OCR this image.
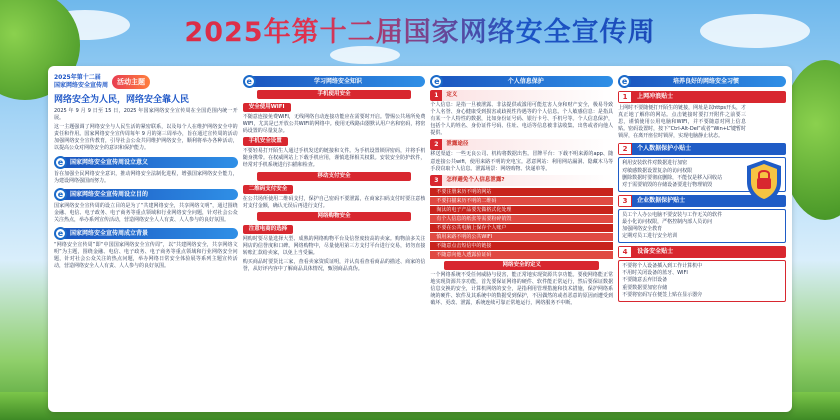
2025年第十二届国家网络安全宣传周
2025年第十二届
国家网络安全宣传周	活动主题
网络安全为人民，网络安全靠人民

2025 年 9 月 9 日至 15 日，2025 年国家网络安全宣传周在全国范围内统一开展。

这一主题强调了网络安全与人民生活的紧密联系，以及每个人在维护网络安全中的责任和作用。国家网络安全宣传周每年 9 月的第三周举办，旨在通过宣传周的活动加强网络安全宣传教育，引导社会公众共同维护网络安全，顺利将举办各种活动，以提高公众对网络安全的意识和保护能力。

e	国家网络安全宣传周设立意义

旨在加强全民网络安全意识，推动网络安全法制化进程，增强国家网络安全能力，为建设网络强国而努力。

e	国家网络安全宣传周设立目的

国家网络安全宣传周的设立目的是为了“共建网络安全，共享网络文明”，通过围绕金融、电信、电子政务、电子商务等重点领域和行业网络安全问题，针对社会公众关注热点，举办系列宣传活动，营造网络安全人人有责、人人参与的良好氛围。

e	国家网络安全宣传周成立背景

“网络安全宣传周”即“中国国家网络安全宣传周”，以“共建网络安全，共享网络文明”为主题，围绕金融、电信、电子政务、电子商务等重点领域和行业网络安全问题，针对社会公众关注的热点问题，举办网络日常安全体验展等系列主题宣传活动，营造网络安全人人有责、人人参与的良好氛围。

e	学习网络安全知识
手机使用安全
安全使用WIFI

不随意连接免费WIFI，无线网络自动连接功能应在需要时开启。警惕公共场所免费WIFI，尤其是已开放公共WIFI的网络中。使用无线路由器默认用户名和密码，将密码设置的尽量复杂。

手机安全设置

不要轻易打开陌生人通过手机发送的链接和文件。为手机设置锁屏密码，并将手机随身携带。在权威网站上下载手机应用，谨慎选择相关权限。安装安全防护软件，经常对手机系统进行扫描和检查。

移动支付安全
二维码支付安全

在公共场所使用二维码支付，保护自己密码不要泄露，在商家扫码支付时要注意核对支付金额，确认无误后再进行支付。

网络购物安全
注意电商的选择

网购时要尽量选择大型、成熟的网络购物平台及信誉度较高的卖家。购物前多关注网店的信誉度和口碑。网络购物中，尽量使用第三方支付平台进行交易，切勿直接转账汇款给卖家，以免上当受骗。

购买商品时要货比三家，查看卖家资质证明，并认真看查看商品的描述、商家的信誉，从好评内容中了解商品具体情况，甄别商品真伪。

e	个人信息保护
1	定义

个人信息：是指一旦被泄露、非法提供或滥用可能危害人身和财产安全，极易导致个人名誉、身心健康受到损害或歧视性待遇等的个人信息。个人敏感信息：是指具有某一个人特性的数据，比如身份证号码、银行卡号、手机号等。个人信息保护，包括个人的姓名、身份证件号码、住址、电话等信息被非法收集、出售或者向他人提供。

2	泄露途径

移送渠道：一些无良公司、机构将数据出售。冒牌平台：下载不明来源的app、随意连接公共wifi，使用来路不明的充电宝。恶意网站：利用网站漏洞、隐藏木马等手段窃取个人信息。泄露场景：网络购物、快递单等。

3	怎样避免个人信息泄露?
不要注册来历不明的网站
不要扫描来历不明的二维码
淘汰的电子产品要先做格式化处理
有个人信息的纸张等需要粉碎销毁
不要在公共电脑上保存个人账户
慎用来路不明的公共WIFI
不随意点击短信中的链接
不随意向他人透露验证码
网络安全的定义

一个网络系统不受任何威胁与侵害，能正常地实现资源共享功能。要使网络能正常地实现资源共享功能，首先要保证网络的硬件、软件能正常运行，然后要保证数据信息交换的安全，计算机网络的安全，是指利用管理措施和技术措施，保护网络系统的硬件、软件及其系统中的数据受到保护，不因偶然的或者恶意的原因而遭受到破坏、更改、泄露，系统连续可靠正常地运行，网络服务不中断。

e	培养良好的网络安全习惯
1	上网冲浪贴士

上网时不要随便打开陌生的链接，网址是以https开头，才真正地了解你的网站。点击链接时要打开附件之前要三思，谨慎使用公用电脑和WIFI，并不要随意对网上信息贴。密码设置时，按下“Ctrl-Alt-Del”或者“Win+L”键暂时锁屏，在离开座位时锁屏，实现电脑静止状态。

2	个人数据保护小贴士

利用安装软件对数据进行加密

对敏感数据设置复杂的访问权限

删除数据时要彻底删除，不能仅是移入回收站

对于需要销毁的存储设备要进行物理销毁

3	企业数据保护贴士

员工个人办公电脑不要安装与工作无关的软件

最小化访问权限，严格控制内部人员访问

加强网络安全教育

定期对员工进行安全培训

4	设备安全贴士

不要将个人设备插入到工作计算机中

不用时关闭设备的蓝牙、WIFI

不要随意丢弃旧设备

重要数据要加密存储

不要将密码写在便签上贴在显示器旁
